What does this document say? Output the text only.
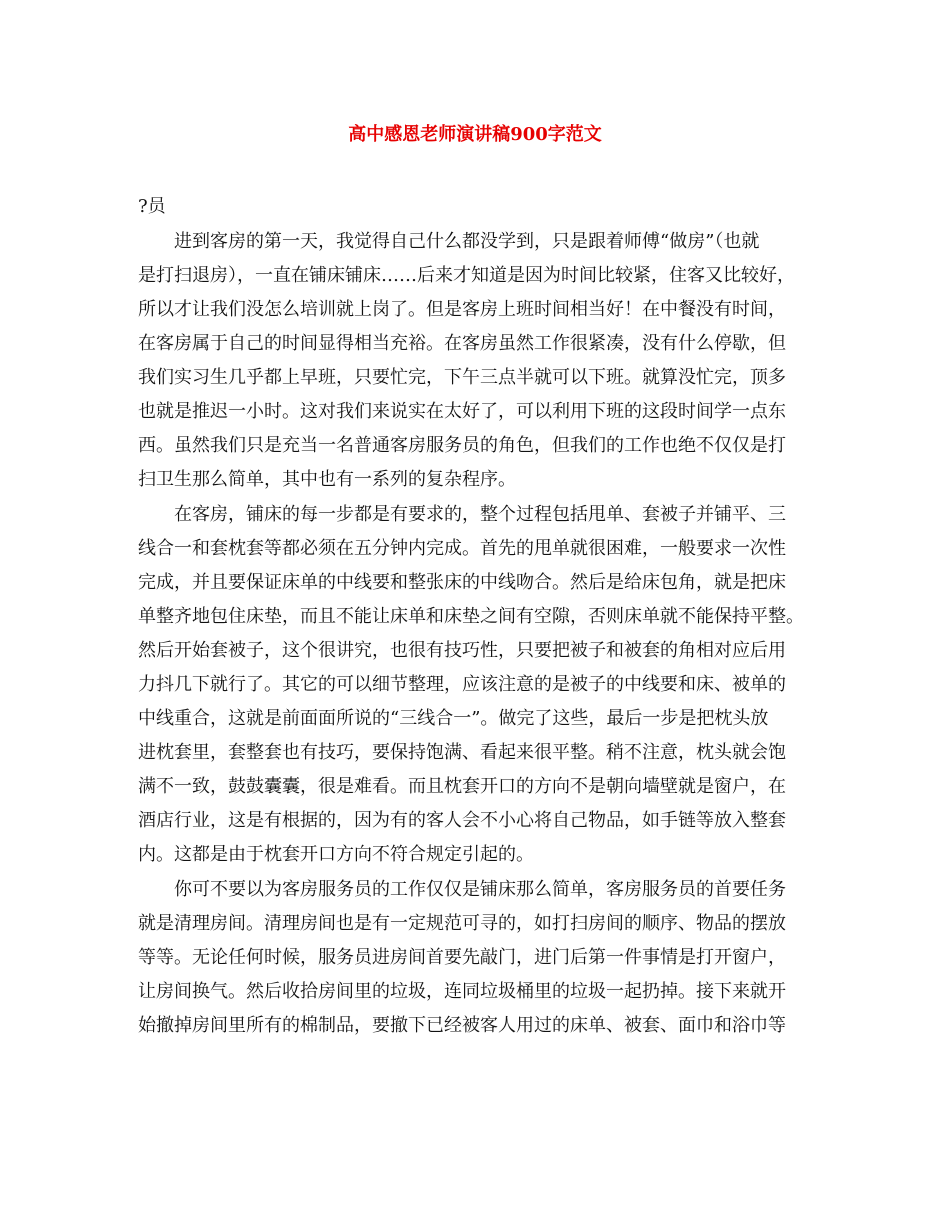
高中感恩老师演讲稿900字范文

?员

进到客房的第一天，我觉得自己什么都没学到，只是跟着师傅“做房”（也就

是打扫退房），一直在铺床铺床……后来才知道是因为时间比较紧，住客又比较好，

所以才让我们没怎么培训就上岗了。但是客房上班时间相当好！在中餐没有时间，

在客房属于自己的时间显得相当充裕。在客房虽然工作很紧凑，没有什么停歇，但

我们实习生几乎都上早班，只要忙完，下午三点半就可以下班。就算没忙完，顶多

也就是推迟一小时。这对我们来说实在太好了，可以利用下班的这段时间学一点东

西。虽然我们只是充当一名普通客房服务员的角色，但我们的工作也绝不仅仅是打

扫卫生那么简单，其中也有一系列的复杂程序。

在客房，铺床的每一步都是有要求的，整个过程包括甩单、套被子并铺平、三

线合一和套枕套等都必须在五分钟内完成。首先的甩单就很困难，一般要求一次性

完成，并且要保证床单的中线要和整张床的中线吻合。然后是给床包角，就是把床

单整齐地包住床垫，而且不能让床单和床垫之间有空隙，否则床单就不能保持平整。

然后开始套被子，这个很讲究，也很有技巧性，只要把被子和被套的角相对应后用

力抖几下就行了。其它的可以细节整理，应该注意的是被子的中线要和床、被单的

中线重合，这就是前面面所说的“三线合一”。做完了这些，最后一步是把枕头放

进枕套里，套整套也有技巧，要保持饱满、看起来很平整。稍不注意，枕头就会饱

满不一致，鼓鼓囊囊，很是难看。而且枕套开口的方向不是朝向墙壁就是窗户，在

酒店行业，这是有根据的，因为有的客人会不小心将自己物品，如手链等放入整套

内。这都是由于枕套开口方向不符合规定引起的。

你可不要以为客房服务员的工作仅仅是铺床那么简单，客房服务员的首要任务

就是清理房间。清理房间也是有一定规范可寻的，如打扫房间的顺序、物品的摆放

等等。无论任何时候，服务员进房间首要先敲门，进门后第一件事情是打开窗户，

让房间换气。然后收拾房间里的垃圾，连同垃圾桶里的垃圾一起扔掉。接下来就开

始撤掉房间里所有的棉制品，要撤下已经被客人用过的床单、被套、面巾和浴巾等
